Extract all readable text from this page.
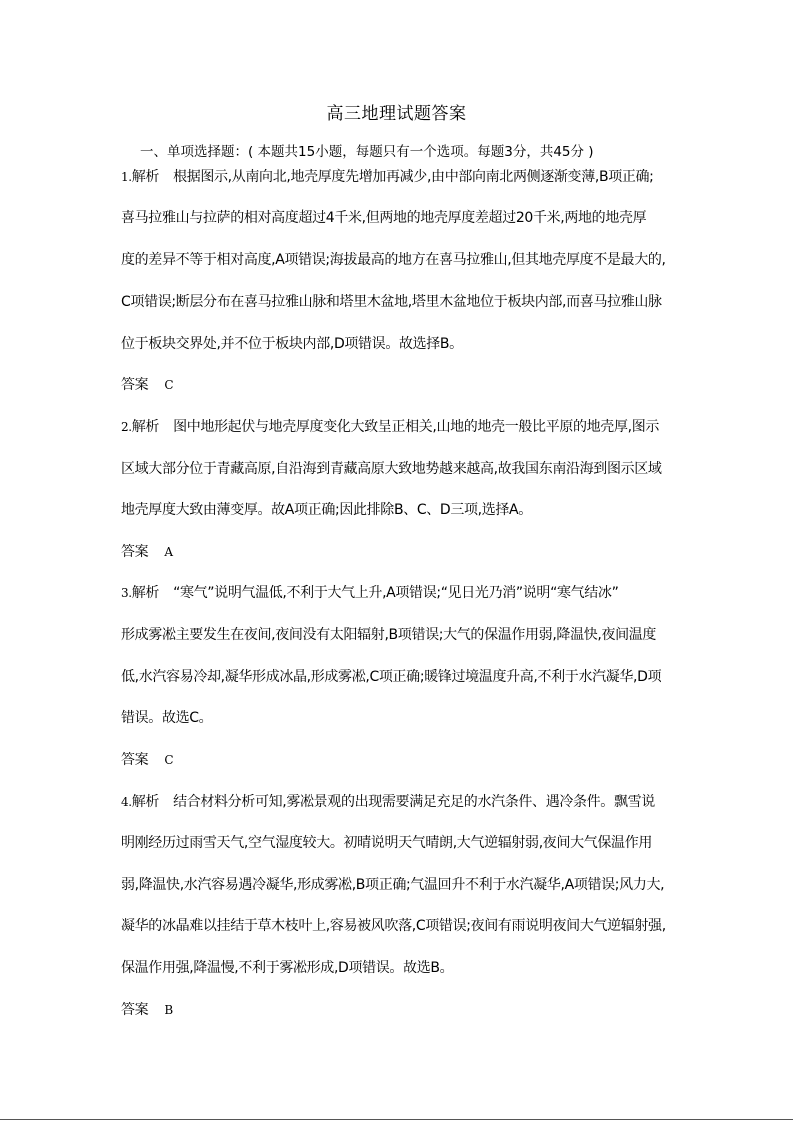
高三地理试题答案
一、单项选择题：( 本题共15小题，每题只有一个选项。每题3分，共45分 )
1.解析 根据图示,从南向北,地壳厚度先增加再减少,由中部向南北两侧逐渐变薄,B项正确;
喜马拉雅山与拉萨的相对高度超过4千米,但两地的地壳厚度差超过20千米,两地的地壳厚
度的差异不等于相对高度,A项错误;海拔最高的地方在喜马拉雅山,但其地壳厚度不是最大的,
C项错误;断层分布在喜马拉雅山脉和塔里木盆地,塔里木盆地位于板块内部,而喜马拉雅山脉
位于板块交界处,并不位于板块内部,D项错误。故选择B。
答案 C
2.解析 图中地形起伏与地壳厚度变化大致呈正相关,山地的地壳一般比平原的地壳厚,图示
区域大部分位于青藏高原,自沿海到青藏高原大致地势越来越高,故我国东南沿海到图示区域
地壳厚度大致由薄变厚。故A项正确;因此排除B、C、D三项,选择A。
答案 A
3.解析 “寒气”说明气温低,不利于大气上升,A项错误;“见日光乃消”说明“寒气结冰”
形成雾凇主要发生在夜间,夜间没有太阳辐射,B项错误;大气的保温作用弱,降温快,夜间温度
低,水汽容易冷却,凝华形成冰晶,形成雾凇,C项正确;暖锋过境温度升高,不利于水汽凝华,D项
错误。故选C。
答案 C
4.解析 结合材料分析可知,雾凇景观的出现需要满足充足的水汽条件、遇冷条件。飘雪说
明刚经历过雨雪天气,空气湿度较大。初晴说明天气晴朗,大气逆辐射弱,夜间大气保温作用
弱,降温快,水汽容易遇冷凝华,形成雾凇,B项正确;气温回升不利于水汽凝华,A项错误;风力大,
凝华的冰晶难以挂结于草木枝叶上,容易被风吹落,C项错误;夜间有雨说明夜间大气逆辐射强,
保温作用强,降温慢,不利于雾凇形成,D项错误。故选B。
答案 B
